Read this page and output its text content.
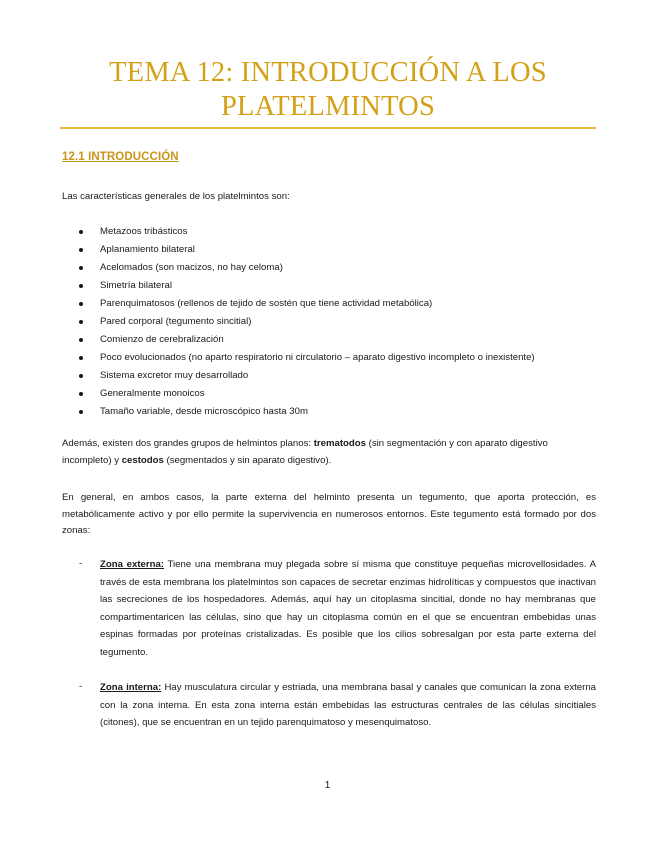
TEMA 12: INTRODUCCIÓN A LOS
PLATELMINTOS
12.1 INTRODUCCIÓN
Las características generales de los platelmintos son:
Metazoos tribásticos
Aplanamiento bilateral
Acelomados (son macizos, no hay celoma)
Simetría bilateral
Parenquimatosos (rellenos de tejido de sostén que tiene actividad metabólica)
Pared corporal (tegumento sincitial)
Comienzo de cerebralización
Poco evolucionados (no aparto respiratorio ni circulatorio – aparato digestivo incompleto o inexistente)
Sistema excretor muy desarrollado
Generalmente monoicos
Tamaño variable, desde microscópico hasta 30m
Además, existen dos grandes grupos de helmintos planos: trematodos (sin segmentación y con aparato digestivo incompleto) y cestodos (segmentados y sin aparato digestivo).
En general, en ambos casos, la parte externa del helminto presenta un tegumento, que aporta protección, es metabólicamente activo y por ello permite la supervivencia en numerosos entornos. Este tegumento está formado por dos zonas:
- Zona externa: Tiene una membrana muy plegada sobre sí misma que constituye pequeñas microvellosidades. A través de esta membrana los platelmintos son capaces de secretar enzimas hidrolíticas y compuestos que inactivan las secreciones de los hospedadores. Además, aquí hay un citoplasma sincitial, donde no hay membranas que compartimentaricen las células, sino que hay un citoplasma común en el que se encuentran embebidas unas espinas formadas por proteínas cristalizadas. Es posible que los cilios sobresalgan por esta parte externa del tegumento.
- Zona interna: Hay musculatura circular y estriada, una membrana basal y canales que comunican la zona externa con la zona interna. En esta zona interna están embebidas las estructuras centrales de las células sincitiales (citones), que se encuentran en un tejido parenquimatoso y mesenquimatoso.
1
